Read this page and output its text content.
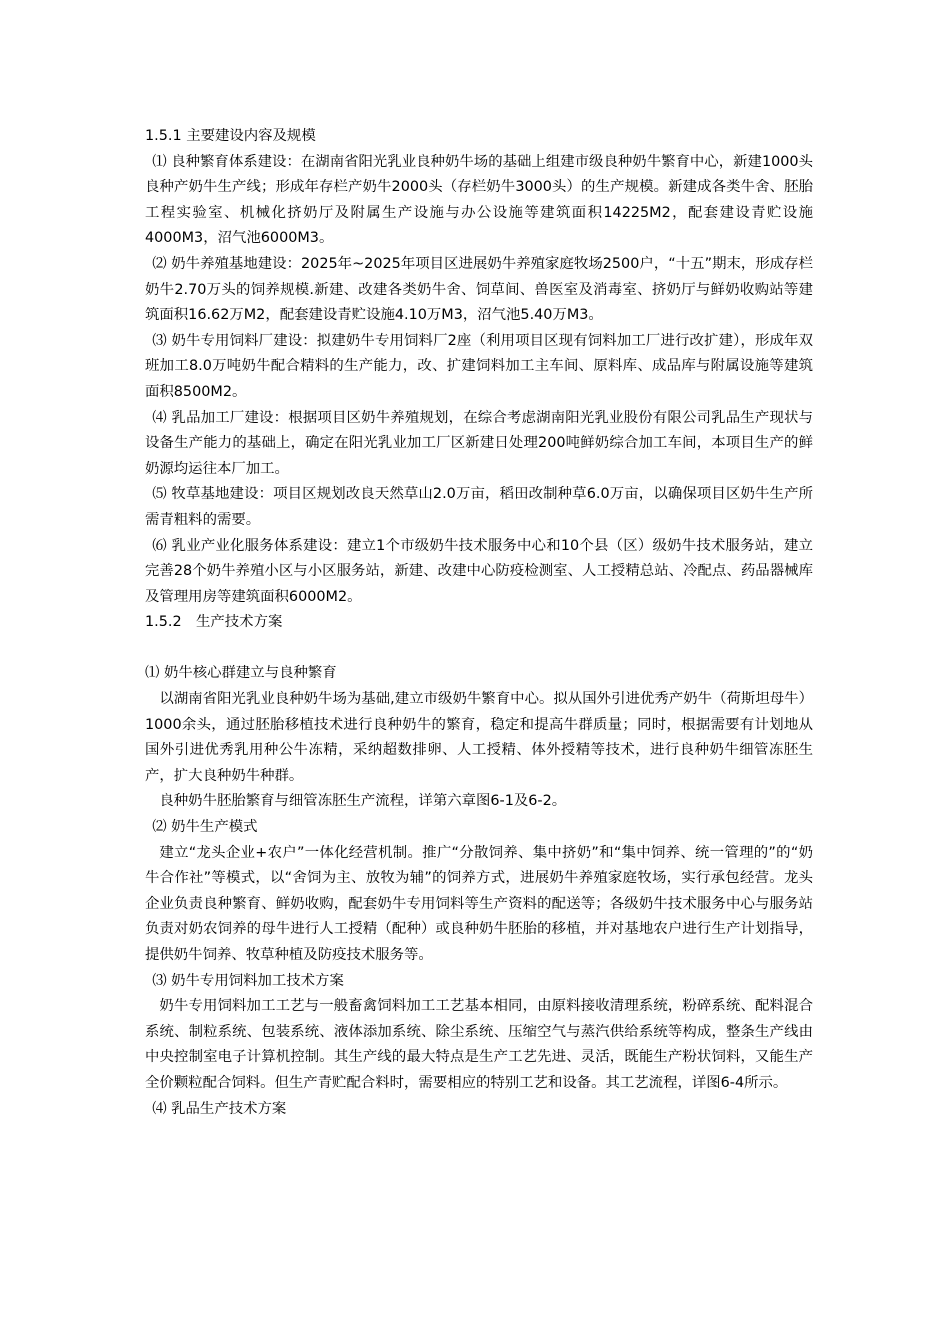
1.5.1 主要建设内容及规模

⑴ 良种繁育体系建设：在湖南省阳光乳业良种奶牛场的基础上组建市级良种奶牛繁育中心，新建1000头良种产奶牛生产线；形成年存栏产奶牛2000头（存栏奶牛3000头）的生产规模。新建成各类牛舍、胚胎工程实验室、机械化挤奶厅及附属生产设施与办公设施等建筑面积14225M2，配套建设青贮设施4000M3，沼气池6000M3。

⑵ 奶牛养殖基地建设：2025年~2025年项目区进展奶牛养殖家庭牧场2500户，“十五”期末，形成存栏奶牛2.70万头的饲养规模.新建、改建各类奶牛舍、饲草间、兽医室及消毒室、挤奶厅与鲜奶收购站等建筑面积16.62万M2，配套建设青贮设施4.10万M3，沼气池5.40万M3。

⑶ 奶牛专用饲料厂建设：拟建奶牛专用饲料厂2座（利用项目区现有饲料加工厂进行改扩建），形成年双班加工8.0万吨奶牛配合精料的生产能力，改、扩建饲料加工主车间、原料库、成品库与附属设施等建筑面积8500M2。

⑷ 乳品加工厂建设：根据项目区奶牛养殖规划，在综合考虑湖南阳光乳业股份有限公司乳品生产现状与设备生产能力的基础上，确定在阳光乳业加工厂区新建日处理200吨鲜奶综合加工车间，本项目生产的鲜奶源均运往本厂加工。

⑸ 牧草基地建设：项目区规划改良天然草山2.0万亩，稻田改制种草6.0万亩，以确保项目区奶牛生产所需青粗料的需要。

⑹ 乳业产业化服务体系建设：建立1个市级奶牛技术服务中心和10个县（区）级奶牛技术服务站，建立完善28个奶牛养殖小区与小区服务站，新建、改建中心防疫检测室、人工授精总站、冷配点、药品器械库及管理用房等建筑面积6000M2。

1.5.2　生产技术方案

⑴ 奶牛核心群建立与良种繁育

以湖南省阳光乳业良种奶牛场为基础,建立市级奶牛繁育中心。拟从国外引进优秀产奶牛（荷斯坦母牛）1000余头，通过胚胎移植技术进行良种奶牛的繁育，稳定和提高牛群质量；同时，根据需要有计划地从国外引进优秀乳用种公牛冻精，采纳超数排卵、人工授精、体外授精等技术，进行良种奶牛细管冻胚生产，扩大良种奶牛种群。

良种奶牛胚胎繁育与细管冻胚生产流程，详第六章图6-1及6-2。

⑵ 奶牛生产模式

建立“龙头企业+农户”一体化经营机制。推广“分散饲养、集中挤奶”和“集中饲养、统一管理的”的“奶牛合作社”等模式，以“舍饲为主、放牧为辅”的饲养方式，进展奶牛养殖家庭牧场，实行承包经营。龙头企业负责良种繁育、鲜奶收购，配套奶牛专用饲料等生产资料的配送等；各级奶牛技术服务中心与服务站负责对奶农饲养的母牛进行人工授精（配种）或良种奶牛胚胎的移植，并对基地农户进行生产计划指导，提供奶牛饲养、牧草种植及防疫技术服务等。

⑶ 奶牛专用饲料加工技术方案

奶牛专用饲料加工工艺与一般畜禽饲料加工工艺基本相同，由原料接收清理系统，粉碎系统、配料混合系统、制粒系统、包装系统、液体添加系统、除尘系统、压缩空气与蒸汽供给系统等构成，整条生产线由中央控制室电子计算机控制。其生产线的最大特点是生产工艺先进、灵活，既能生产粉状饲料，又能生产全价颗粒配合饲料。但生产青贮配合料时，需要相应的特别工艺和设备。其工艺流程，详图6-4所示。

⑷ 乳品生产技术方案
